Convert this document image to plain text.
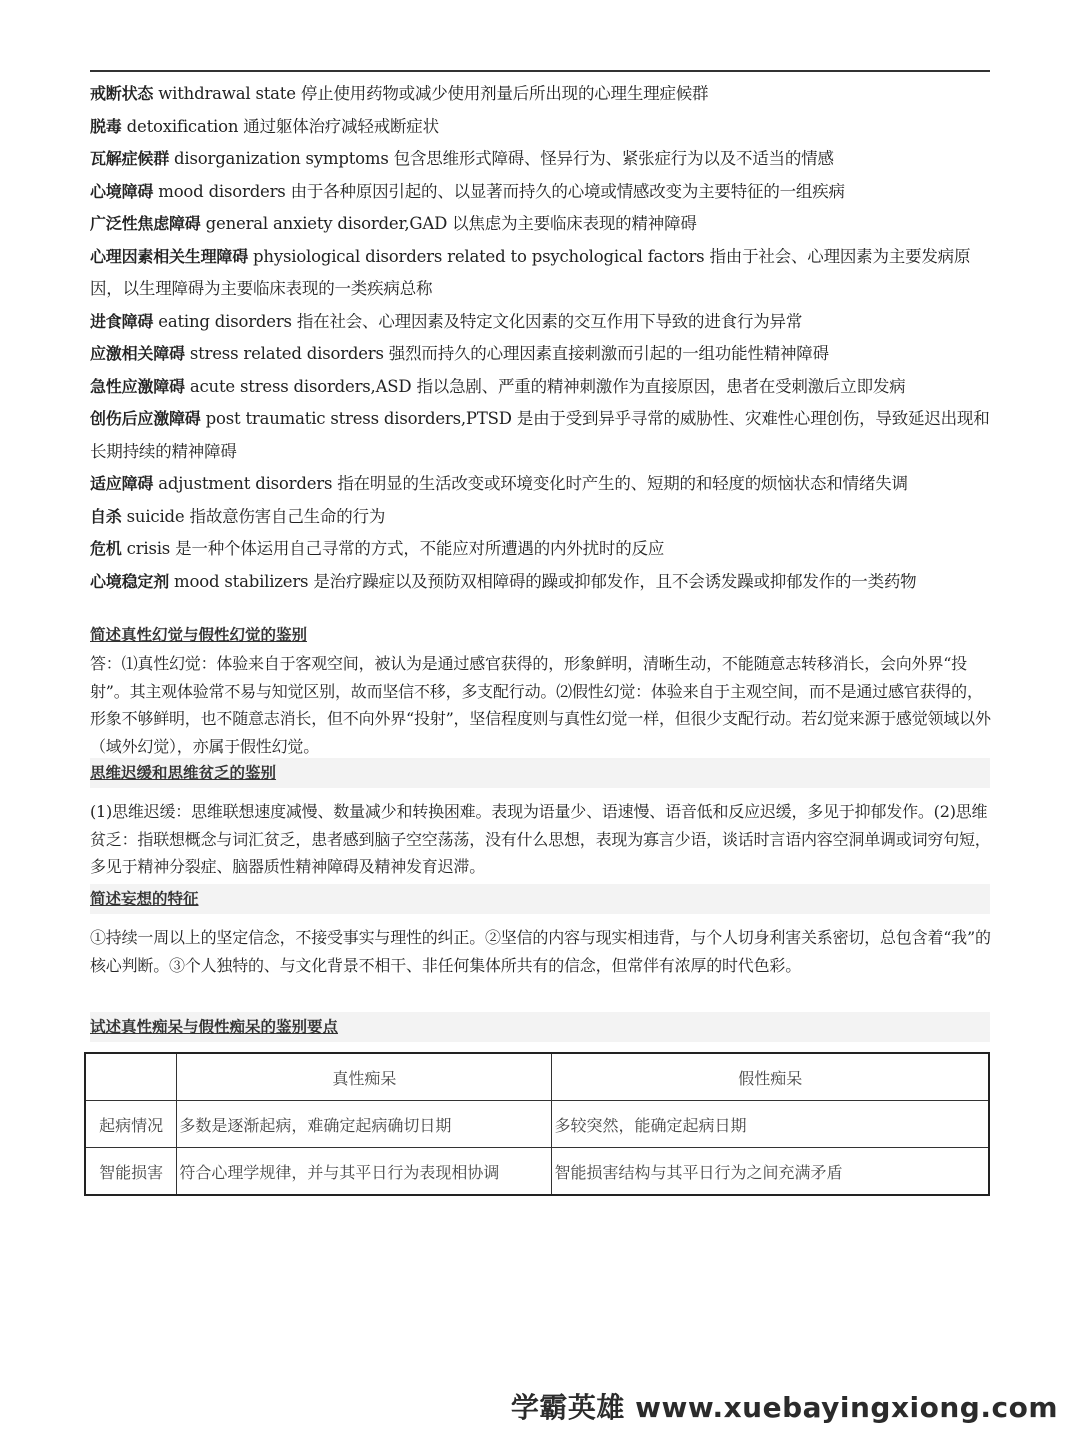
戒断状态 withdrawal state 停止使用药物或减少使用剂量后所出现的心理生理症候群

脱毒 detoxification 通过躯体治疗减轻戒断症状

瓦解症候群 disorganization symptoms 包含思维形式障碍、怪异行为、紧张症行为以及不适当的情感

心境障碍 mood disorders 由于各种原因引起的、以显著而持久的心境或情感改变为主要特征的一组疾病

广泛性焦虑障碍 general anxiety disorder,GAD 以焦虑为主要临床表现的精神障碍

心理因素相关生理障碍 physiological disorders related to psychological factors 指由于社会、心理因素为主要发病原因，以生理障碍为主要临床表现的一类疾病总称

进食障碍 eating disorders 指在社会、心理因素及特定文化因素的交互作用下导致的进食行为异常

应激相关障碍 stress related disorders 强烈而持久的心理因素直接刺激而引起的一组功能性精神障碍

急性应激障碍 acute stress disorders,ASD 指以急剧、严重的精神刺激作为直接原因，患者在受刺激后立即发病

创伤后应激障碍 post traumatic stress disorders,PTSD 是由于受到异乎寻常的威胁性、灾难性心理创伤，导致延迟出现和长期持续的精神障碍

适应障碍 adjustment disorders 指在明显的生活改变或环境变化时产生的、短期的和轻度的烦恼状态和情绪失调

自杀 suicide 指故意伤害自己生命的行为

危机 crisis 是一种个体运用自己寻常的方式，不能应对所遭遇的内外扰时的反应

心境稳定剂 mood stabilizers 是治疗躁症以及预防双相障碍的躁或抑郁发作，且不会诱发躁或抑郁发作的一类药物

简述真性幻觉与假性幻觉的鉴别

答：⑴真性幻觉：体验来自于客观空间，被认为是通过感官获得的，形象鲜明，清晰生动，不能随意志转移消长，会向外界“投射”。其主观体验常不易与知觉区别，故而坚信不移，多支配行动。⑵假性幻觉：体验来自于主观空间，而不是通过感官获得的，形象不够鲜明，也不随意志消长，但不向外界“投射”，坚信程度则与真性幻觉一样，但很少支配行动。若幻觉来源于感觉领域以外（域外幻觉），亦属于假性幻觉。

思维迟缓和思维贫乏的鉴别

(1)思维迟缓：思维联想速度减慢、数量减少和转换困难。表现为语量少、语速慢、语音低和反应迟缓，多见于抑郁发作。(2)思维贫乏：指联想概念与词汇贫乏，患者感到脑子空空荡荡，没有什么思想，表现为寡言少语，谈话时言语内容空洞单调或词穷句短，多见于精神分裂症、脑器质性精神障碍及精神发育迟滞。

简述妄想的特征

①持续一周以上的坚定信念，不接受事实与理性的纠正。②坚信的内容与现实相违背，与个人切身利害关系密切，总包含着“我”的核心判断。③个人独特的、与文化背景不相干、非任何集体所共有的信念，但常伴有浓厚的时代色彩。

试述真性痴呆与假性痴呆的鉴别要点

	真性痴呆	假性痴呆
起病情况	多数是逐渐起病，难确定起病确切日期	多较突然，能确定起病日期
智能损害	符合心理学规律，并与其平日行为表现相协调	智能损害结构与其平日行为之间充满矛盾
学霸英雄 www.xuebayingxiong.com
